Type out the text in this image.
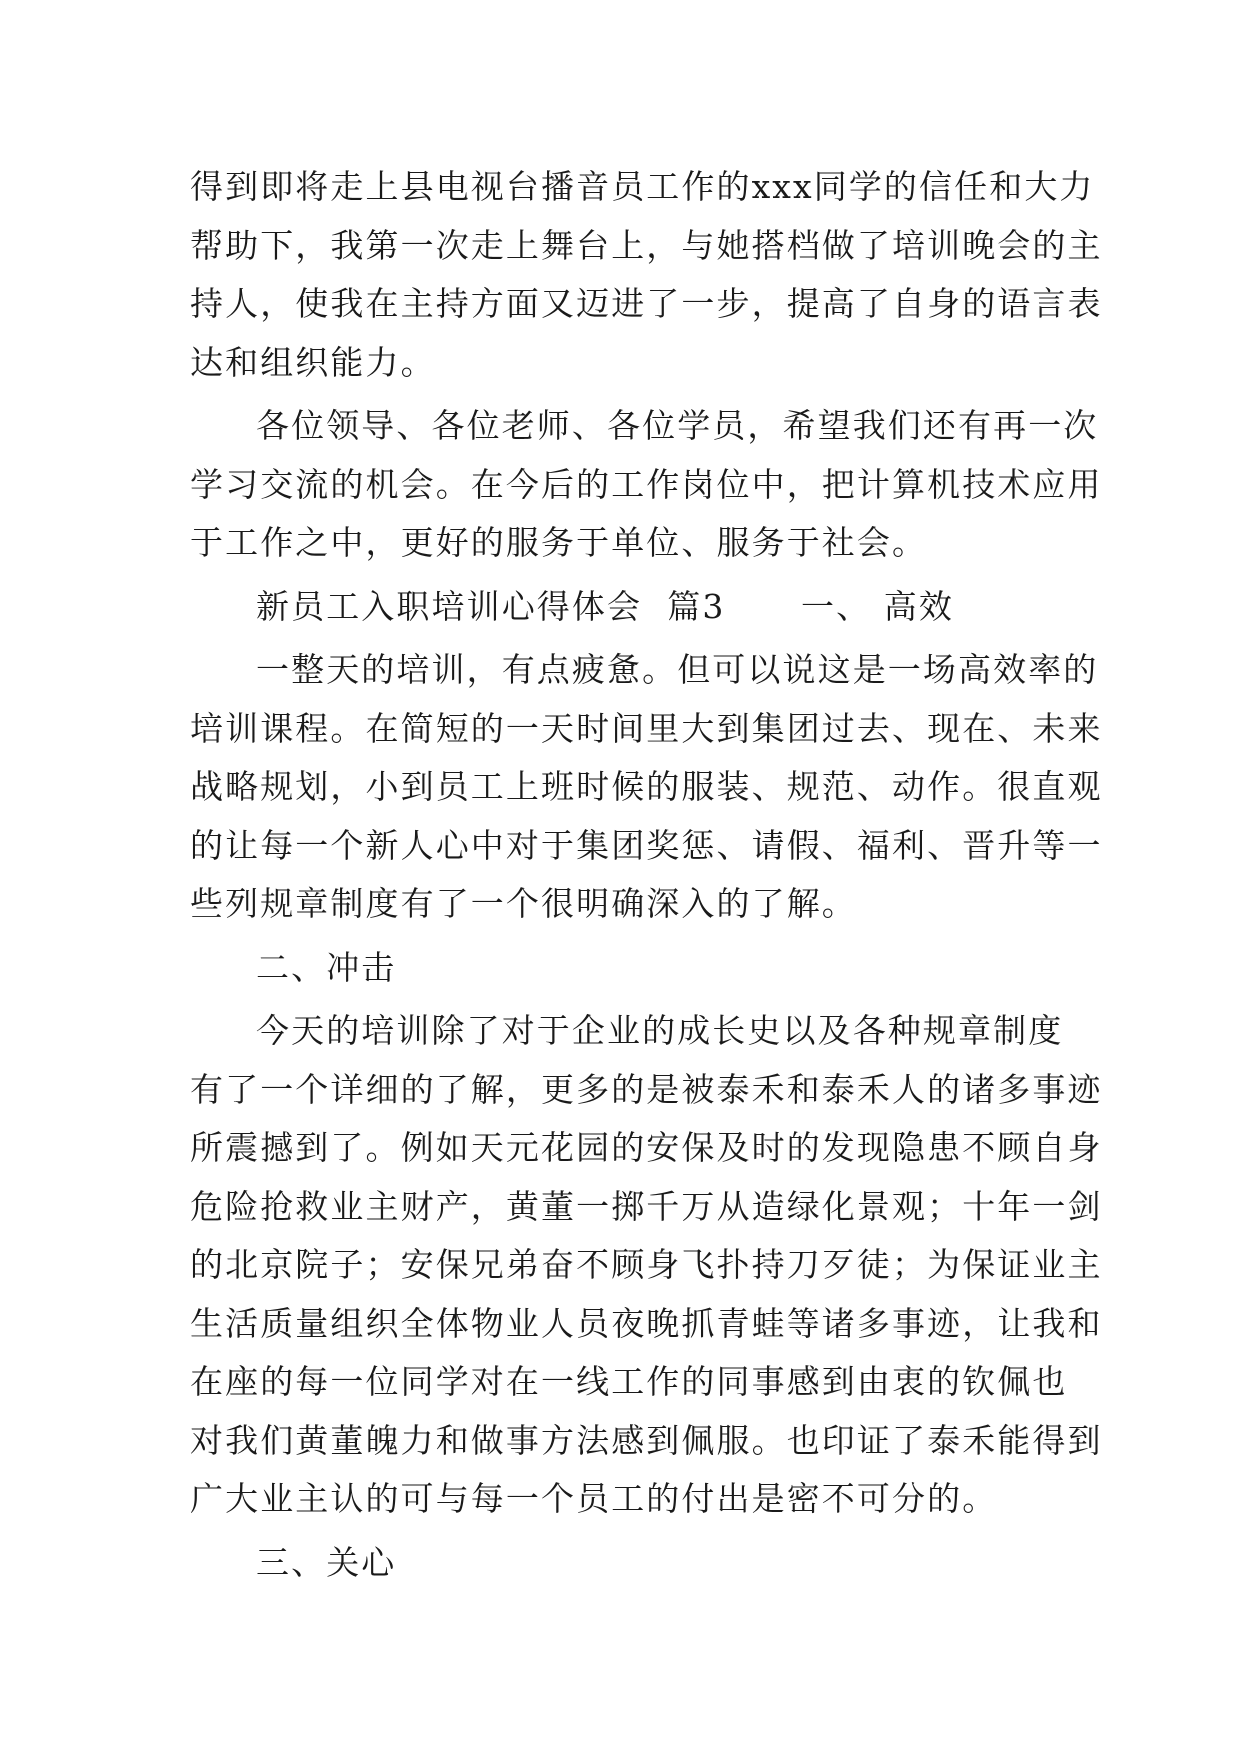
得到即将走上县电视台播音员工作的xxx同学的信任和大力
帮助下，我第一次走上舞台上，与她搭档做了培训晚会的主
持人，使我在主持方面又迈进了一步，提高了自身的语言表
达和组织能力。
各位领导、各位老师、各位学员，希望我们还有再一次
学习交流的机会。在今后的工作岗位中，把计算机技术应用
于工作之中，更好的服务于单位、服务于社会。
新员工入职培训心得体会  篇3      一、 高效
一整天的培训，有点疲惫。但可以说这是一场高效率的
培训课程。在简短的一天时间里大到集团过去、现在、未来
战略规划，小到员工上班时候的服装、规范、动作。很直观
的让每一个新人心中对于集团奖惩、请假、福利、晋升等一
些列规章制度有了一个很明确深入的了解。
二、冲击
今天的培训除了对于企业的成长史以及各种规章制度
有了一个详细的了解，更多的是被泰禾和泰禾人的诸多事迹
所震撼到了。例如天元花园的安保及时的发现隐患不顾自身
危险抢救业主财产，黄董一掷千万从造绿化景观；十年一剑
的北京院子；安保兄弟奋不顾身飞扑持刀歹徒；为保证业主
生活质量组织全体物业人员夜晚抓青蛙等诸多事迹，让我和
在座的每一位同学对在一线工作的同事感到由衷的钦佩也
对我们黄董魄力和做事方法感到佩服。也印证了泰禾能得到
广大业主认的可与每一个员工的付出是密不可分的。
三、关心
